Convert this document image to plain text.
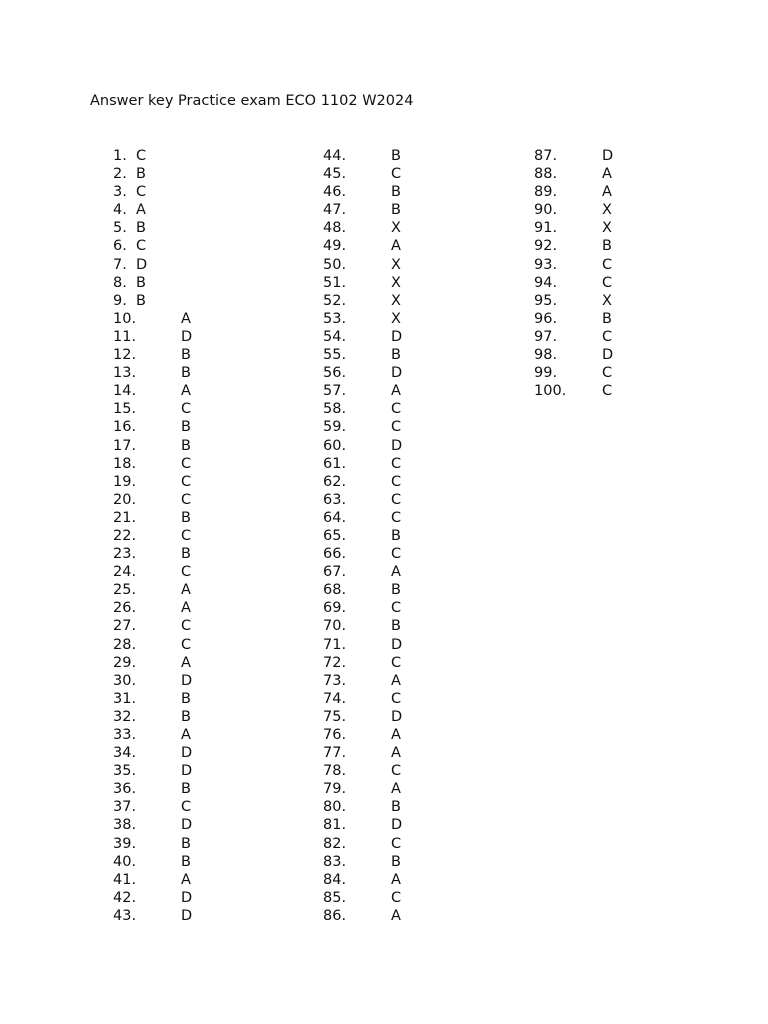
Answer key Practice exam ECO 1102 W2024
1. C
2. B
3. C
4. A
5. B
6. C
7. D
8. B
9. B
10.	A
11.	D
12.	B
13.	B
14.	A
15.	C
16.	B
17.	B
18.	C
19.	C
20.	C
21.	B
22.	C
23.	B
24.	C
25.	A
26.	A
27.	C
28.	C
29.	A
30.	D
31.	B
32.	B
33.	A
34.	D
35.	D
36.	B
37.	C
38.	D
39.	B
40.	B
41.	A
42.	D
43.	D
44.	B
45.	C
46.	B
47.	B
48.	X
49.	A
50.	X
51.	X
52.	X
53.	X
54.	D
55.	B
56.	D
57.	A
58.	C
59.	C
60.	D
61.	C
62.	C
63.	C
64.	C
65.	B
66.	C
67.	A
68.	B
69.	C
70.	B
71.	D
72.	C
73.	A
74.	C
75.	D
76.	A
77.	A
78.	C
79.	A
80.	B
81.	D
82.	C
83.	B
84.	A
85.	C
86.	A
87.	D
88.	A
89.	A
90.	X
91.	X
92.	B
93.	C
94.	C
95.	X
96.	B
97.	C
98.	D
99.	C
100. C
